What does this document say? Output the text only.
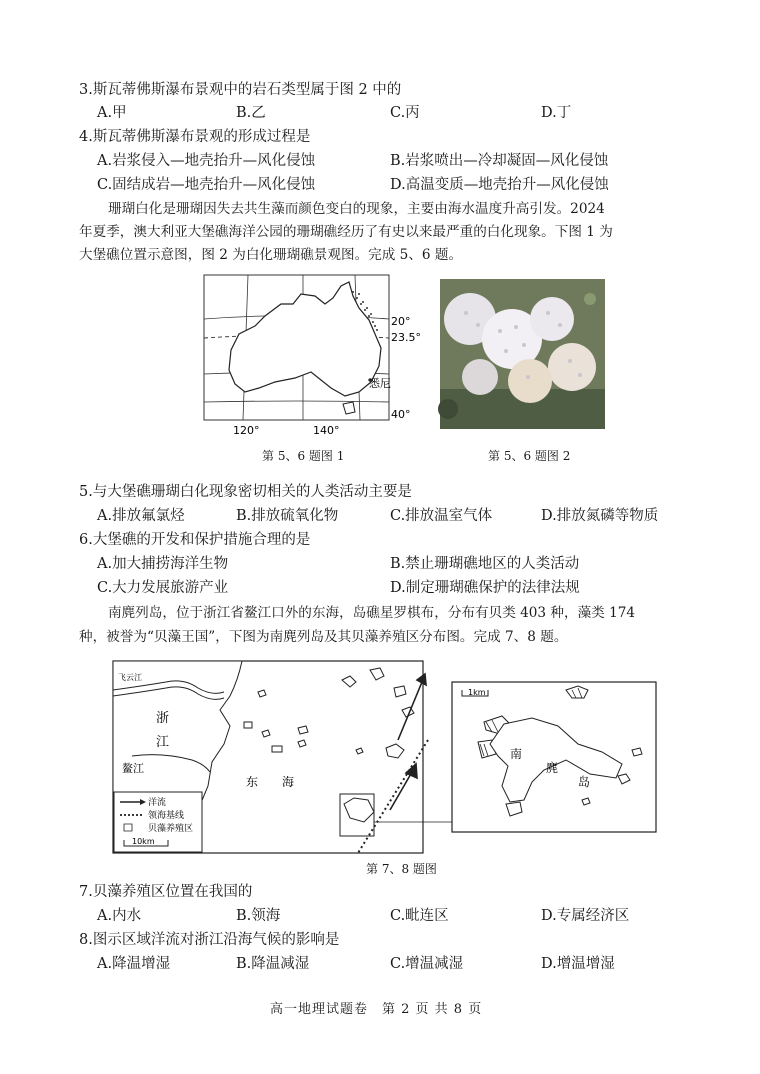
3.斯瓦蒂佛斯瀑布景观中的岩石类型属于图 2 中的
A.甲	B.乙	C.丙	D.丁
4.斯瓦蒂佛斯瀑布景观的形成过程是
A.岩浆侵入—地壳抬升—风化侵蚀	B.岩浆喷出—冷却凝固—风化侵蚀
C.固结成岩—地壳抬升—风化侵蚀	D.高温变质—地壳抬升—风化侵蚀
珊瑚白化是珊瑚因失去共生藻而颜色变白的现象，主要由海水温度升高引发。2024
年夏季，澳大利亚大堡礁海洋公园的珊瑚礁经历了有史以来最严重的白化现象。下图 1 为
大堡礁位置示意图，图 2 为白化珊瑚礁景观图。完成 5、6 题。
悉尼
20°
23.5°
40°
120°	140°
第 5、6 题图 1	第 5、6 题图 2
5.与大堡礁珊瑚白化现象密切相关的人类活动主要是
A.排放氟氯烃	B.排放硫氧化物	C.排放温室气体	D.排放氮磷等物质
6.大堡礁的开发和保护措施合理的是
A.加大捕捞海洋生物	B.禁止珊瑚礁地区的人类活动
C.大力发展旅游产业	D.制定珊瑚礁保护的法律法规
南麂列岛，位于浙江省鳌江口外的东海，岛礁星罗棋布，分布有贝类 403 种，藻类 174
种，被誉为“贝藻王国”，下图为南麂列岛及其贝藻养殖区分布图。完成 7、8 题。
浙
江
鳌江
飞云江
东 海
洋流
领海基线
贝藻养殖区
10km
1km
南
麂
岛
第 7、8 题图
7.贝藻养殖区位置在我国的
A.内水	B.领海	C.毗连区	D.专属经济区
8.图示区域洋流对浙江沿海气候的影响是
A.降温增湿	B.降温减湿	C.增温减湿	D.增温增湿
高一地理试题卷　第 2 页 共 8 页
